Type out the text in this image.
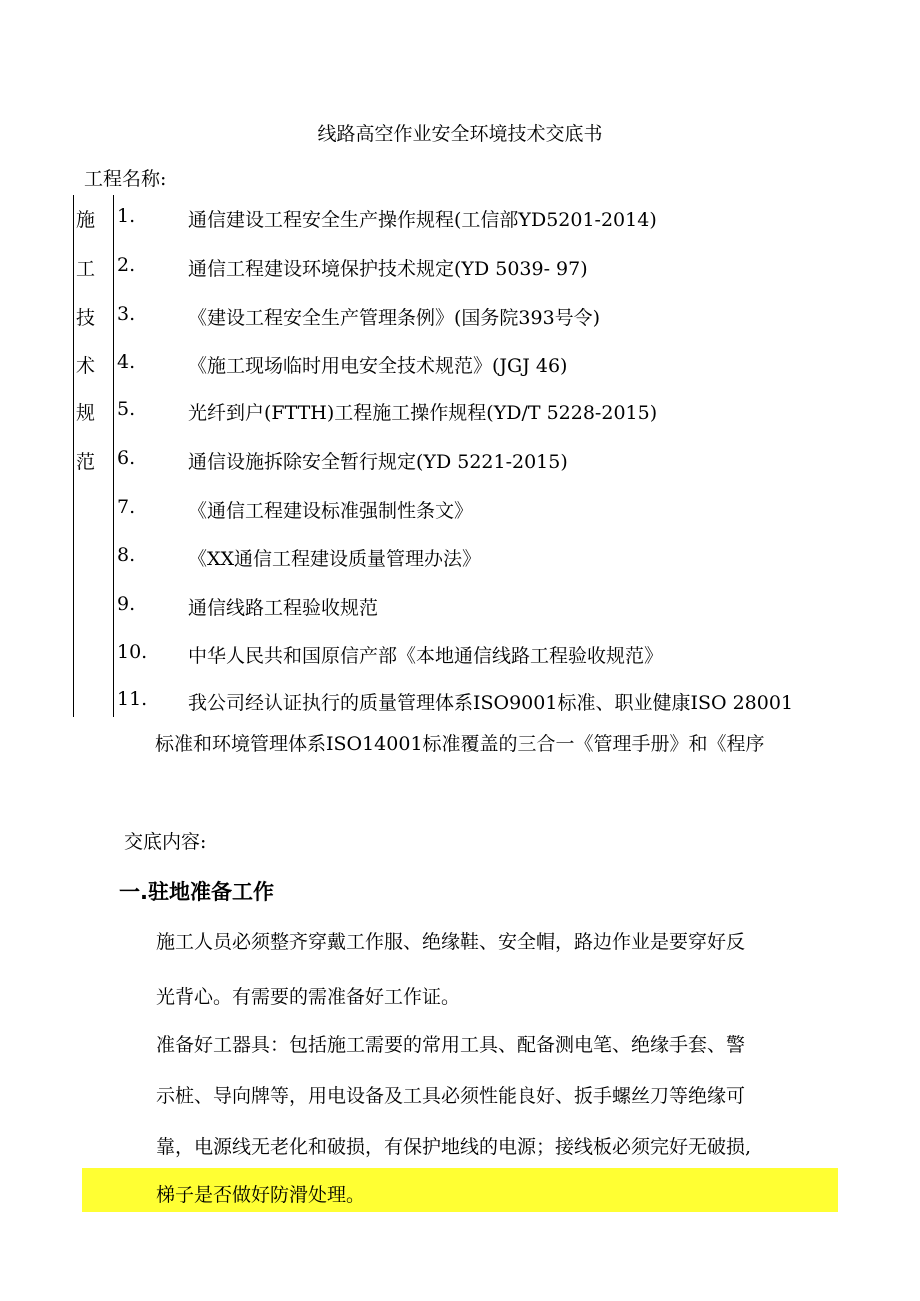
线路高空作业安全环境技术交底书
工程名称:
施
工
技
术
规
范
1.	通信建设工程安全生产操作规程(工信部YD5201-2014)
2.	通信工程建设环境保护技术规定(YD 5039- 97)
3.	《建设工程安全生产管理条例》(国务院393号令)
4.	《施工现场临时用电安全技术规范》(JGJ 46)
5.	光纤到户(FTTH)工程施工操作规程(YD/T 5228-2015)
6.	通信设施拆除安全暂行规定(YD 5221-2015)
7.	《通信工程建设标准强制性条文》
8.	《XX通信工程建设质量管理办法》
9.	通信线路工程验收规范
10. 中华人民共和国原信产部《本地通信线路工程验收规范》
11. 我公司经认证执行的质量管理体系ISO9001标准、职业健康ISO 28001
标准和环境管理体系ISO14001标准覆盖的三合一《管理手册》和《程序
交底内容:
一.驻地准备工作
施工人员必须整齐穿戴工作服、绝缘鞋、安全帽，路边作业是要穿好反
光背心。有需要的需准备好工作证。
准备好工器具：包括施工需要的常用工具、配备测电笔、绝缘手套、警
示桩、导向牌等，用电设备及工具必须性能良好、扳手螺丝刀等绝缘可
靠，电源线无老化和破损，有保护地线的电源；接线板必须完好无破损,
梯子是否做好防滑处理。
